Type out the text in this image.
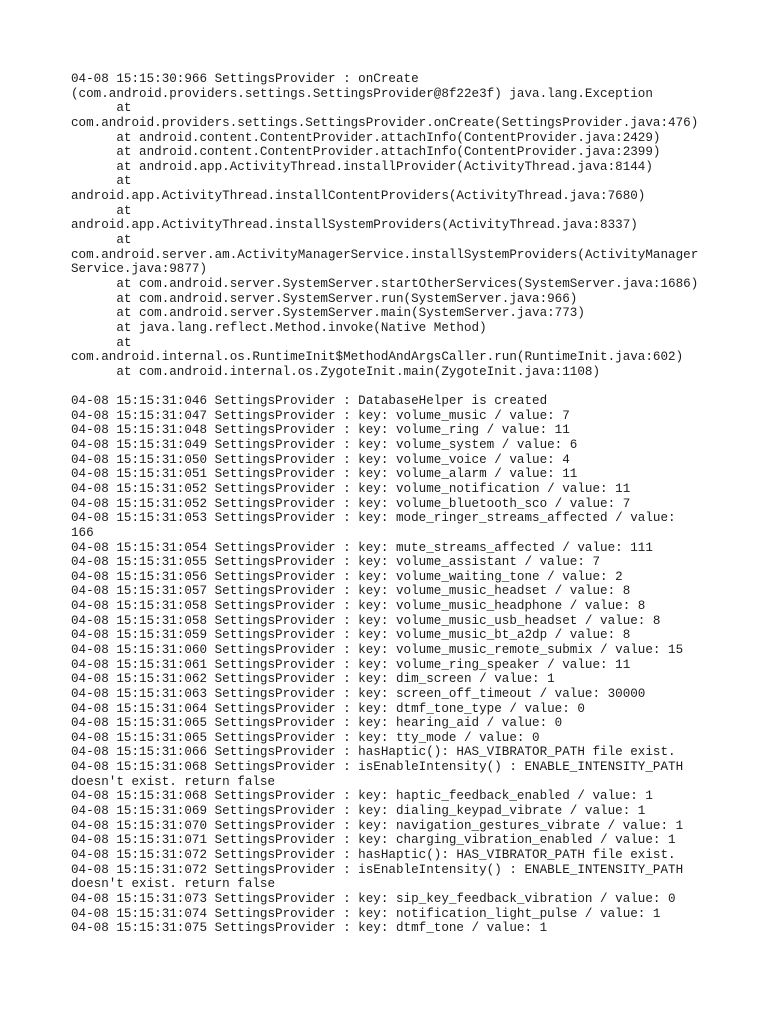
04-08 15:15:30:966 SettingsProvider : onCreate
(com.android.providers.settings.SettingsProvider@8f22e3f) java.lang.Exception
at
com.android.providers.settings.SettingsProvider.onCreate(SettingsProvider.java:476)
at android.content.ContentProvider.attachInfo(ContentProvider.java:2429)
at android.content.ContentProvider.attachInfo(ContentProvider.java:2399)
at android.app.ActivityThread.installProvider(ActivityThread.java:8144)
at
android.app.ActivityThread.installContentProviders(ActivityThread.java:7680)
at
android.app.ActivityThread.installSystemProviders(ActivityThread.java:8337)
at
com.android.server.am.ActivityManagerService.installSystemProviders(ActivityManager
Service.java:9877)
at com.android.server.SystemServer.startOtherServices(SystemServer.java:1686)
at com.android.server.SystemServer.run(SystemServer.java:966)
at com.android.server.SystemServer.main(SystemServer.java:773)
at java.lang.reflect.Method.invoke(Native Method)
at
com.android.internal.os.RuntimeInit$MethodAndArgsCaller.run(RuntimeInit.java:602)
at com.android.internal.os.ZygoteInit.main(ZygoteInit.java:1108)
04-08 15:15:31:046 SettingsProvider : DatabaseHelper is created
04-08 15:15:31:047 SettingsProvider : key: volume_music / value: 7
04-08 15:15:31:048 SettingsProvider : key: volume_ring / value: 11
04-08 15:15:31:049 SettingsProvider : key: volume_system / value: 6
04-08 15:15:31:050 SettingsProvider : key: volume_voice / value: 4
04-08 15:15:31:051 SettingsProvider : key: volume_alarm / value: 11
04-08 15:15:31:052 SettingsProvider : key: volume_notification / value: 11
04-08 15:15:31:052 SettingsProvider : key: volume_bluetooth_sco / value: 7
04-08 15:15:31:053 SettingsProvider : key: mode_ringer_streams_affected / value:
166
04-08 15:15:31:054 SettingsProvider : key: mute_streams_affected / value: 111
04-08 15:15:31:055 SettingsProvider : key: volume_assistant / value: 7
04-08 15:15:31:056 SettingsProvider : key: volume_waiting_tone / value: 2
04-08 15:15:31:057 SettingsProvider : key: volume_music_headset / value: 8
04-08 15:15:31:058 SettingsProvider : key: volume_music_headphone / value: 8
04-08 15:15:31:058 SettingsProvider : key: volume_music_usb_headset / value: 8
04-08 15:15:31:059 SettingsProvider : key: volume_music_bt_a2dp / value: 8
04-08 15:15:31:060 SettingsProvider : key: volume_music_remote_submix / value: 15
04-08 15:15:31:061 SettingsProvider : key: volume_ring_speaker / value: 11
04-08 15:15:31:062 SettingsProvider : key: dim_screen / value: 1
04-08 15:15:31:063 SettingsProvider : key: screen_off_timeout / value: 30000
04-08 15:15:31:064 SettingsProvider : key: dtmf_tone_type / value: 0
04-08 15:15:31:065 SettingsProvider : key: hearing_aid / value: 0
04-08 15:15:31:065 SettingsProvider : key: tty_mode / value: 0
04-08 15:15:31:066 SettingsProvider : hasHaptic(): HAS_VIBRATOR_PATH file exist.
04-08 15:15:31:068 SettingsProvider : isEnableIntensity() : ENABLE_INTENSITY_PATH
doesn't exist. return false
04-08 15:15:31:068 SettingsProvider : key: haptic_feedback_enabled / value: 1
04-08 15:15:31:069 SettingsProvider : key: dialing_keypad_vibrate / value: 1
04-08 15:15:31:070 SettingsProvider : key: navigation_gestures_vibrate / value: 1
04-08 15:15:31:071 SettingsProvider : key: charging_vibration_enabled / value: 1
04-08 15:15:31:072 SettingsProvider : hasHaptic(): HAS_VIBRATOR_PATH file exist.
04-08 15:15:31:072 SettingsProvider : isEnableIntensity() : ENABLE_INTENSITY_PATH
doesn't exist. return false
04-08 15:15:31:073 SettingsProvider : key: sip_key_feedback_vibration / value: 0
04-08 15:15:31:074 SettingsProvider : key: notification_light_pulse / value: 1
04-08 15:15:31:075 SettingsProvider : key: dtmf_tone / value: 1
